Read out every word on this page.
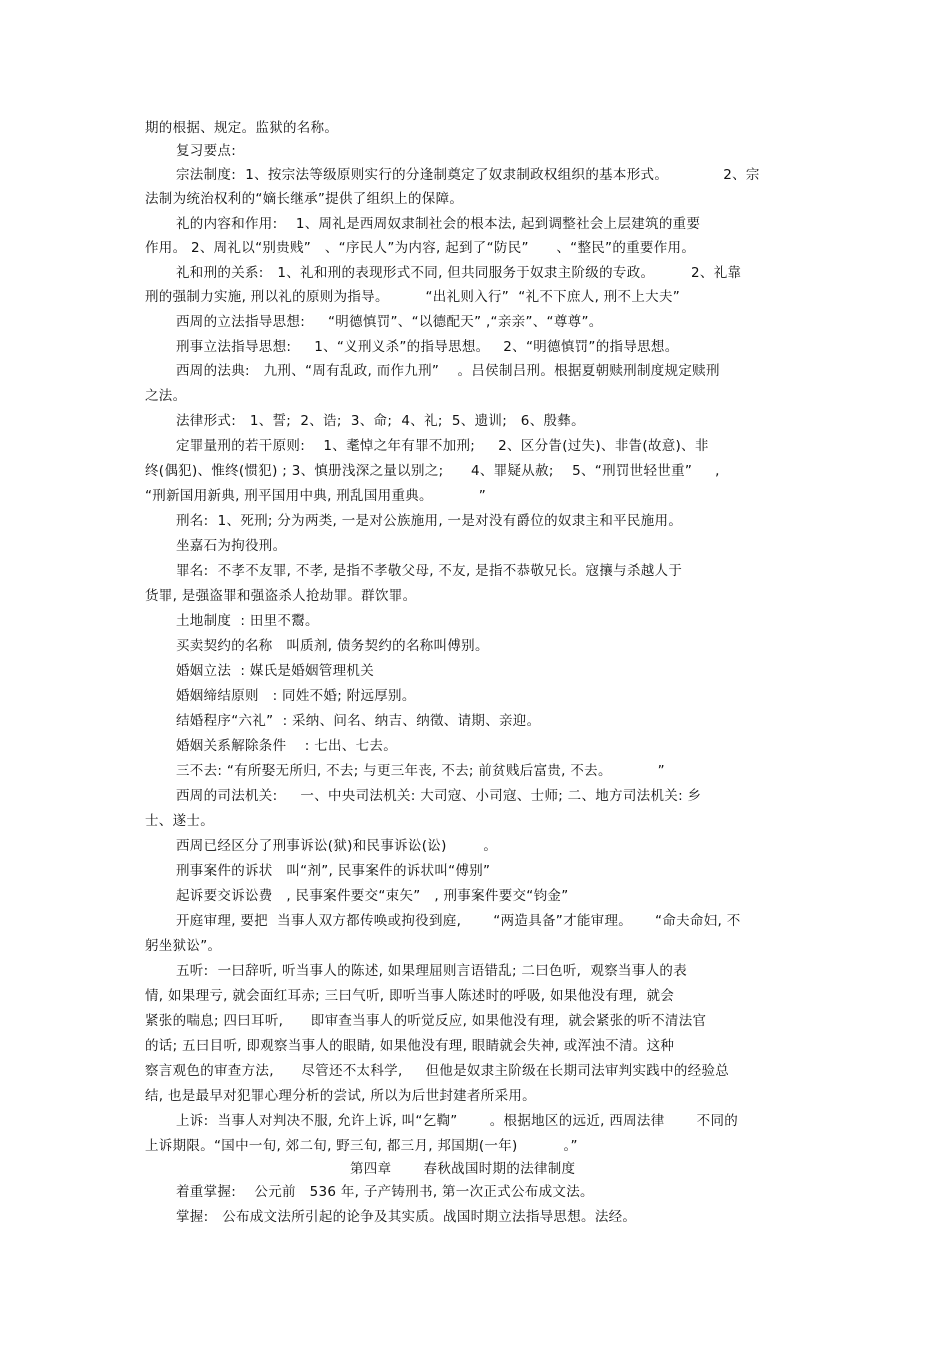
期的根据、规定。监狱的名称。
复习要点:
宗法制度:  1、按宗法等级原则实行的分逢制奠定了奴隶制政权组织的基本形式。            2、宗
法制为统治权利的“嫡长继承”提供了组织上的保障。
礼的内容和作用:    1、周礼是西周奴隶制社会的根本法, 起到调整社会上层建筑的重要
作用。 2、周礼以“别贵贱”   、“序民人”为内容, 起到了“防民”      、“整民”的重要作用。
礼和刑的关系:   1、礼和刑的表现形式不同, 但共同服务于奴隶主阶级的专政。        2、礼靠
刑的强制力实施, 刑以礼的原则为指导。        “出礼则入行”  “礼不下庶人, 刑不上大夫”
西周的立法指导思想:     “明德慎罚”、“以德配天” ,“亲亲”、“尊尊”。
刑事立法指导思想:     1、“义刑义杀”的指导思想。   2、“明德慎罚”的指导思想。
西周的法典:   九刑、“周有乱政, 而作九刑”    。吕侯制吕刑。根据夏朝赎刑制度规定赎刑
之法。
法律形式:   1、誓;  2、诰;  3、命;  4、礼;  5、遗训;   6、殷彝。
定罪量刑的若干原则:    1、耄悼之年有罪不加刑;     2、区分眚(过失)、非眚(故意)、非
终(偶犯)、惟终(惯犯) ; 3、慎册浅深之量以别之;      4、罪疑从赦;    5、“刑罚世轻世重”     ,
“刑新国用新典, 刑平国用中典, 刑乱国用重典。          ”
刑名:  1、死刑; 分为两类, 一是对公族施用, 一是对没有爵位的奴隶主和平民施用。
坐嘉石为拘役刑。
罪名:  不孝不友罪, 不孝, 是指不孝敬父母, 不友, 是指不恭敬兄长。寇攘与杀越人于
货罪, 是强盗罪和强盗杀人抢劫罪。群饮罪。
土地制度  : 田里不鬻。
买卖契约的名称   叫质剂, 债务契约的名称叫傅别。
婚姻立法  : 媒氏是婚姻管理机关
婚姻缔结原则   : 同姓不婚; 附远厚别。
结婚程序“六礼”  : 采纳、问名、纳吉、纳徵、请期、亲迎。
婚姻关系解除条件    : 七出、七去。
三不去: “有所娶无所归, 不去; 与更三年丧, 不去; 前贫贱后富贵, 不去。          ”
西周的司法机关:     一、中央司法机关: 大司寇、小司寇、士师; 二、地方司法机关: 乡
士、遂士。
西周已经区分了刑事诉讼(狱)和民事诉讼(讼)        。
刑事案件的诉状   叫“剂”, 民事案件的诉状叫“傅别”
起诉要交诉讼费   , 民事案件要交“束矢”   , 刑事案件要交“钧金”
开庭审理, 要把  当事人双方都传唤或拘役到庭,       “两造具备”才能审理。     “命夫命妇, 不
躬坐狱讼”。
五听:  一曰辞听, 听当事人的陈述, 如果理屈则言语错乱; 二曰色听,  观察当事人的表
情, 如果理亏, 就会面红耳赤; 三曰气听, 即听当事人陈述时的呼吸, 如果他没有理,  就会
紧张的喘息; 四曰耳听,      即审查当事人的听觉反应, 如果他没有理,  就会紧张的听不清法官
的话; 五曰目听, 即观察当事人的眼睛, 如果他没有理, 眼睛就会失神, 或浑浊不清。这种
察言观色的审查方法,      尽管还不太科学,     但他是奴隶主阶级在长期司法审判实践中的经验总
结, 也是最早对犯罪心理分析的尝试, 所以为后世封建者所采用。
上诉:  当事人对判决不服, 允许上诉, 叫“乞鞫”       。根据地区的远近, 西周法律       不同的
上诉期限。“国中一旬, 郊二旬, 野三旬, 都三月, 邦国期(一年)          。”
第四章       春秋战国时期的法律制度
着重掌握:    公元前   536 年, 子产铸刑书, 第一次正式公布成文法。
掌握:   公布成文法所引起的论争及其实质。战国时期立法指导思想。法经。
